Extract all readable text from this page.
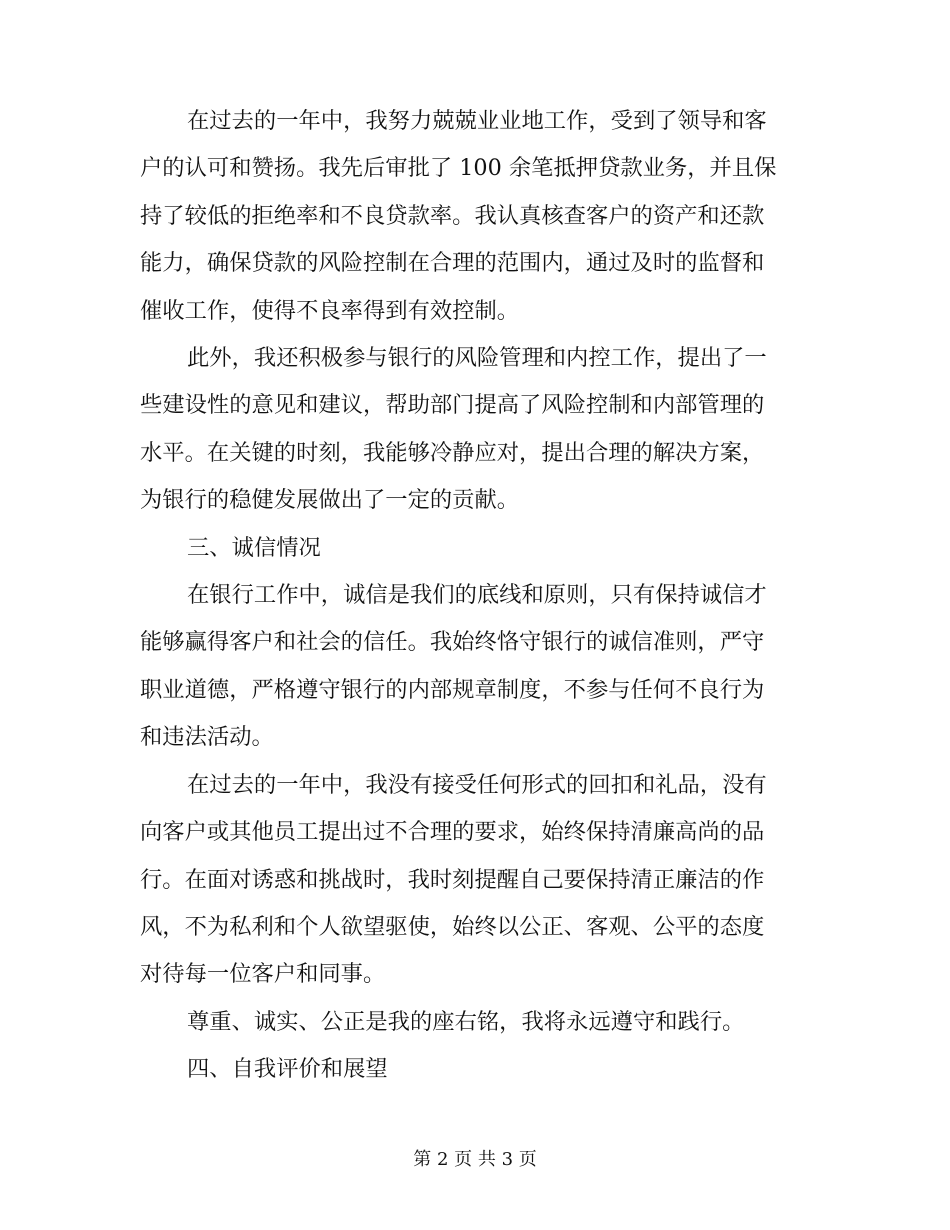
在过去的一年中，我努力兢兢业业地工作，受到了领导和客
户的认可和赞扬。我先后审批了 100 余笔抵押贷款业务，并且保
持了较低的拒绝率和不良贷款率。我认真核查客户的资产和还款
能力，确保贷款的风险控制在合理的范围内，通过及时的监督和
催收工作，使得不良率得到有效控制。

此外，我还积极参与银行的风险管理和内控工作，提出了一
些建设性的意见和建议，帮助部门提高了风险控制和内部管理的
水平。在关键的时刻，我能够冷静应对，提出合理的解决方案，
为银行的稳健发展做出了一定的贡献。

三、诚信情况

在银行工作中，诚信是我们的底线和原则，只有保持诚信才
能够赢得客户和社会的信任。我始终恪守银行的诚信准则，严守
职业道德，严格遵守银行的内部规章制度，不参与任何不良行为
和违法活动。

在过去的一年中，我没有接受任何形式的回扣和礼品，没有
向客户或其他员工提出过不合理的要求，始终保持清廉高尚的品
行。在面对诱惑和挑战时，我时刻提醒自己要保持清正廉洁的作
风，不为私利和个人欲望驱使，始终以公正、客观、公平的态度
对待每一位客户和同事。

尊重、诚实、公正是我的座右铭，我将永远遵守和践行。

四、自我评价和展望

第 2 页 共 3 页
